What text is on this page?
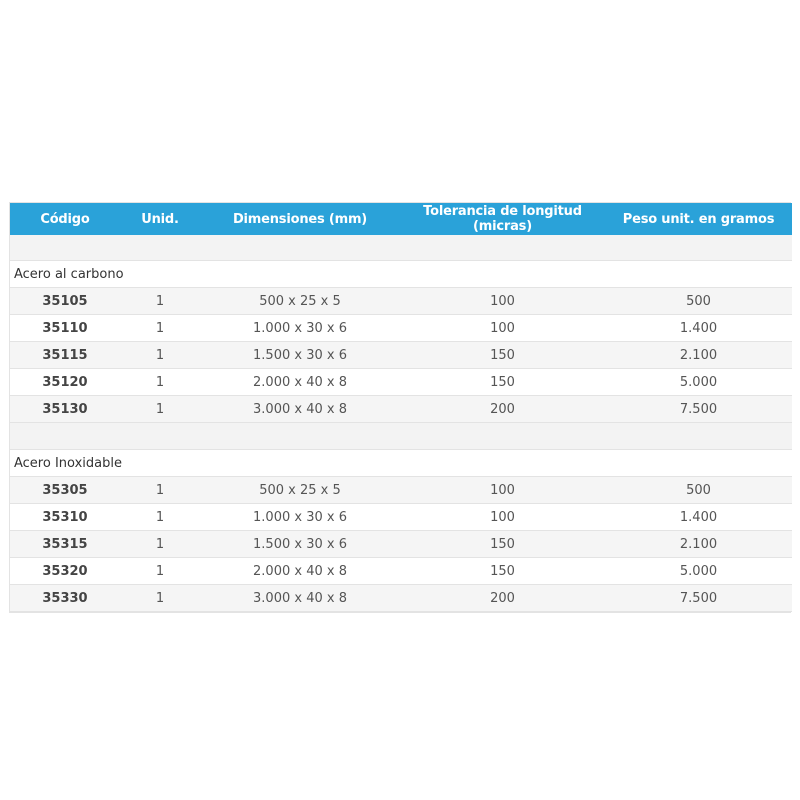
Código	Unid.	Dimensiones (mm)	Tolerancia de longitud (micras)	Peso unit. en gramos

Acero al carbono				
35105	1	500 x 25 x 5	100	500
35110	1	1.000 x 30 x 6	100	1.400
35115	1	1.500 x 30 x 6	150	2.100
35120	1	2.000 x 40 x 8	150	5.000
35130	1	3.000 x 40 x 8	200	7.500

Acero Inoxidable				
35305	1	500 x 25 x 5	100	500
35310	1	1.000 x 30 x 6	100	1.400
35315	1	1.500 x 30 x 6	150	2.100
35320	1	2.000 x 40 x 8	150	5.000
35330	1	3.000 x 40 x 8	200	7.500
